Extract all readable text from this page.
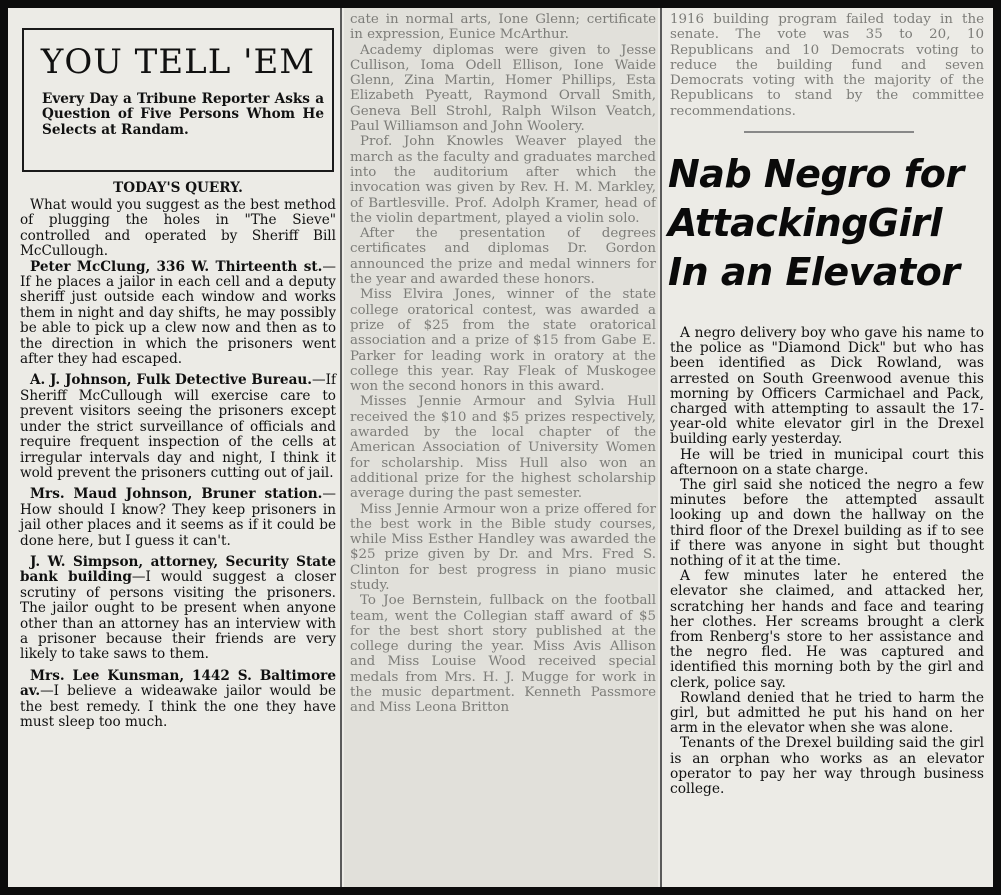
YOU TELL 'EM
Every Day a Tribune Reporter Asks a Question of Five Persons Whom He Selects at Randam.
TODAY'S QUERY.

What would you suggest as the best method of plugging the holes in "The Sieve" controlled and operated by Sheriff Bill McCullough.

Peter McClung, 336 W. Thirteenth st.—If he places a jailor in each cell and a deputy sheriff just outside each window and works them in night and day shifts, he may possibly be able to pick up a clew now and then as to the direction in which the prisoners went after they had escaped.

A. J. Johnson, Fulk Detective Bureau.—If Sheriff McCullough will exercise care to prevent visitors seeing the prisoners except under the strict surveillance of officials and require frequent inspection of the cells at irregular intervals day and night, I think it wold prevent the prisoners cutting out of jail.

Mrs. Maud Johnson, Bruner station.—How should I know? They keep prisoners in jail other places and it seems as if it could be done here, but I guess it can't.

J. W. Simpson, attorney, Security State bank building—I would suggest a closer scrutiny of persons visiting the prisoners. The jailor ought to be present when anyone other than an attorney has an interview with a prisoner because their friends are very likely to take saws to them.

Mrs. Lee Kunsman, 1442 S. Baltimore av.—I believe a wideawake jailor would be the best remedy. I think the one they have must sleep too much.

cate in normal arts, Ione Glenn; certificate in expression, Eunice McArthur.

Academy diplomas were given to Jesse Cullison, Ioma Odell Ellison, Ione Waide Glenn, Zina Martin, Homer Phillips, Esta Elizabeth Pyeatt, Raymond Orvall Smith, Geneva Bell Strohl, Ralph Wilson Veatch, Paul Williamson and John Woolery.

Prof. John Knowles Weaver played the march as the faculty and graduates marched into the auditorium after which the invocation was given by Rev. H. M. Markley, of Bartlesville. Prof. Adolph Kramer, head of the violin department, played a violin solo.

After the presentation of degrees certificates and diplomas Dr. Gordon announced the prize and medal winners for the year and awarded these honors.

Miss Elvira Jones, winner of the state college oratorical contest, was awarded a prize of $25 from the state oratorical association and a prize of $15 from Gabe E. Parker for leading work in oratory at the college this year. Ray Fleak of Muskogee won the second honors in this award.

Misses Jennie Armour and Sylvia Hull received the $10 and $5 prizes respectively, awarded by the local chapter of the American Association of University Women for scholarship. Miss Hull also won an additional prize for the highest scholarship average during the past semester.

Miss Jennie Armour won a prize offered for the best work in the Bible study courses, while Miss Esther Handley was awarded the $25 prize given by Dr. and Mrs. Fred S. Clinton for best progress in piano music study.

To Joe Bernstein, fullback on the football team, went the Collegian staff award of $5 for the best short story published at the college during the year. Miss Avis Allison and Miss Louise Wood received special medals from Mrs. H. J. Mugge for work in the music department. Kenneth Passmore and Miss Leona Britton

1916 building program failed today in the senate. The vote was 35 to 20, 10 Republicans and 10 Democrats voting to reduce the building fund and seven Democrats voting with the majority of the Republicans to stand by the committee recommendations.

Nab Negro for
AttackingGirl
In an Elevator

A negro delivery boy who gave his name to the police as "Diamond Dick" but who has been identified as Dick Rowland, was arrested on South Greenwood avenue this morning by Officers Carmichael and Pack, charged with attempting to assault the 17-year-old white elevator girl in the Drexel building early yesterday.

He will be tried in municipal court this afternoon on a state charge.

The girl said she noticed the negro a few minutes before the attempted assault looking up and down the hallway on the third floor of the Drexel building as if to see if there was anyone in sight but thought nothing of it at the time.

A few minutes later he entered the elevator she claimed, and attacked her, scratching her hands and face and tearing her clothes. Her screams brought a clerk from Renberg's store to her assistance and the negro fled. He was captured and identified this morning both by the girl and clerk, police say.

Rowland denied that he tried to harm the girl, but admitted he put his hand on her arm in the elevator when she was alone.

Tenants of the Drexel building said the girl is an orphan who works as an elevator operator to pay her way through business college.
